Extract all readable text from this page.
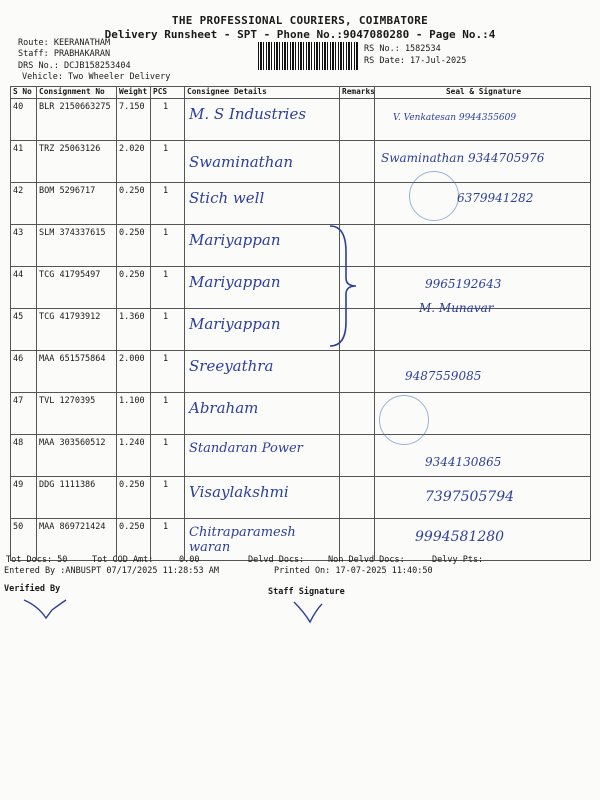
THE PROFESSIONAL COURIERS, COIMBATORE
Delivery Runsheet - SPT - Phone No.:9047080280 - Page No.:4
Route: KEERANATHAM
Staff: PRABHAKARAN
DRS No.: DCJB158253404
Vehicle: Two Wheeler Delivery
RS No.: 1582534
RS Date: 17-Jul-2025
S No	Consignment No	Weight	PCS	Consignee Details	Remarks	Seal & Signature

40	BLR 2150663275	7.150	1	M. S Industries		V. Venkatesan 9944355609

41	TRZ 25063126	2.020	1	Swaminathan		Swaminathan 9344705976

42	BOM 5296717	0.250	1	Stich well		6379941282

43	SLM 374337615	0.250	1	Mariyappan		

44	TCG 41795497	0.250	1	Mariyappan		9965192643

45	TCG 41793912	1.360	1	Mariyappan		M. Munavar

46	MAA 651575864	2.000	1	Sreeyathra		9487559085

47	TVL 1270395	1.100	1	Abraham		

48	MAA 303560512	1.240	1	Standaran Power		9344130865

49	DDG 1111386	0.250	1	Visaylakshmi		7397505794

50	MAA 869721424	0.250	1	Chitraparamesh waran		9994581280
Tot Docs: 50	Tot COD Amt:     0.00	Delvd Docs:	Non Delvd Docs:	Delvy Pts:
Entered By :ANBUSPT 07/17/2025 11:28:53 AM	Printed On: 17-07-2025 11:40:50
Verified By	Staff Signature
